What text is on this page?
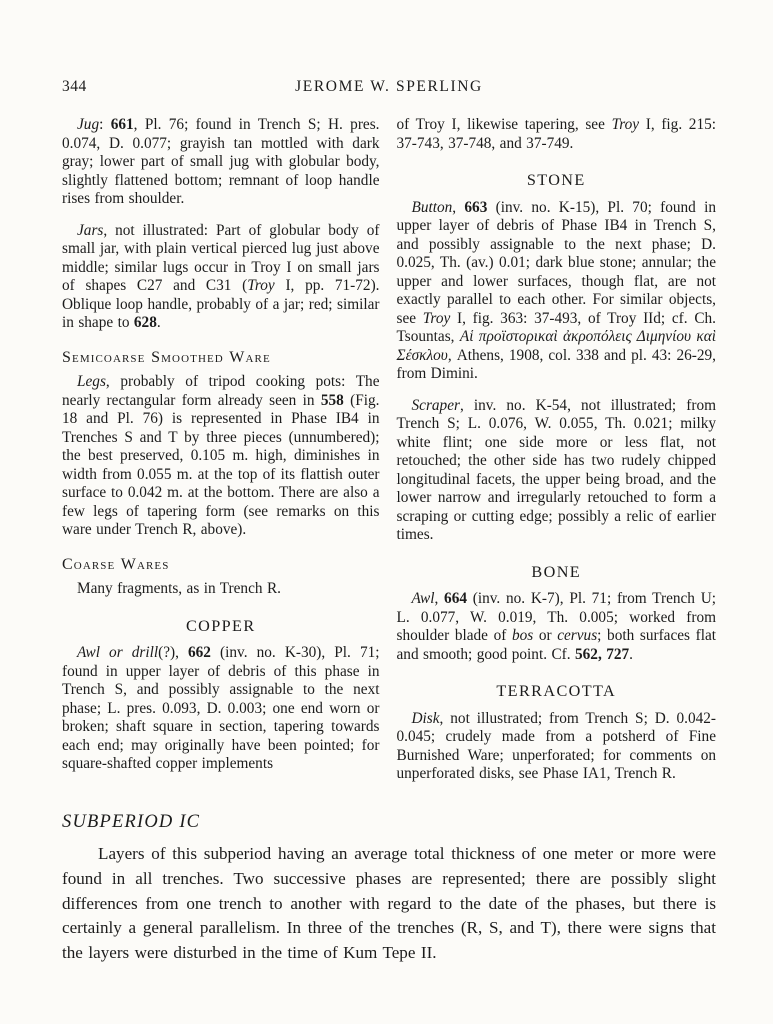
344	JEROME W. SPERLING

Jug: 661, Pl. 76; found in Trench S; H. pres. 0.074, D. 0.077; grayish tan mottled with dark gray; lower part of small jug with globular body, slightly flattened bottom; remnant of loop handle rises from shoulder.

Jars, not illustrated: Part of globular body of small jar, with plain vertical pierced lug just above middle; similar lugs occur in Troy I on small jars of shapes C27 and C31 (Troy I, pp. 71-72). Oblique loop handle, probably of a jar; red; similar in shape to 628.

Semicoarse Smoothed Ware

Legs, probably of tripod cooking pots: The nearly rectangular form already seen in 558 (Fig. 18 and Pl. 76) is represented in Phase IB4 in Trenches S and T by three pieces (unnumbered); the best preserved, 0.105 m. high, diminishes in width from 0.055 m. at the top of its flattish outer surface to 0.042 m. at the bottom. There are also a few legs of tapering form (see remarks on this ware under Trench R, above).

Coarse Wares

Many fragments, as in Trench R.

COPPER

Awl or drill(?), 662 (inv. no. K-30), Pl. 71; found in upper layer of debris of this phase in Trench S, and possibly assignable to the next phase; L. pres. 0.093, D. 0.003; one end worn or broken; shaft square in section, tapering towards each end; may originally have been pointed; for square-shafted copper implements

of Troy I, likewise tapering, see Troy I, fig. 215: 37-743, 37-748, and 37-749.

STONE

Button, 663 (inv. no. K-15), Pl. 70; found in upper layer of debris of Phase IB4 in Trench S, and possibly assignable to the next phase; D. 0.025, Th. (av.) 0.01; dark blue stone; annular; the upper and lower surfaces, though flat, are not exactly parallel to each other. For similar objects, see Troy I, fig. 363: 37-493, of Troy IId; cf. Ch. Tsountas, Αἱ προϊστορικαὶ ἀκροπόλεις Διμηνίου καὶ Σέσκλου, Athens, 1908, col. 338 and pl. 43: 26-29, from Dimini.

Scraper, inv. no. K-54, not illustrated; from Trench S; L. 0.076, W. 0.055, Th. 0.021; milky white flint; one side more or less flat, not retouched; the other side has two rudely chipped longitudinal facets, the upper being broad, and the lower narrow and irregularly retouched to form a scraping or cutting edge; possibly a relic of earlier times.

BONE

Awl, 664 (inv. no. K-7), Pl. 71; from Trench U; L. 0.077, W. 0.019, Th. 0.005; worked from shoulder blade of bos or cervus; both surfaces flat and smooth; good point. Cf. 562, 727.

TERRACOTTA

Disk, not illustrated; from Trench S; D. 0.042-0.045; crudely made from a potsherd of Fine Burnished Ware; unperforated; for comments on unperforated disks, see Phase IA1, Trench R.

SUBPERIOD IC

Layers of this subperiod having an average total thickness of one meter or more were found in all trenches. Two successive phases are represented; there are possibly slight differences from one trench to another with regard to the date of the phases, but there is certainly a general parallelism. In three of the trenches (R, S, and T), there were signs that the layers were disturbed in the time of Kum Tepe II.
